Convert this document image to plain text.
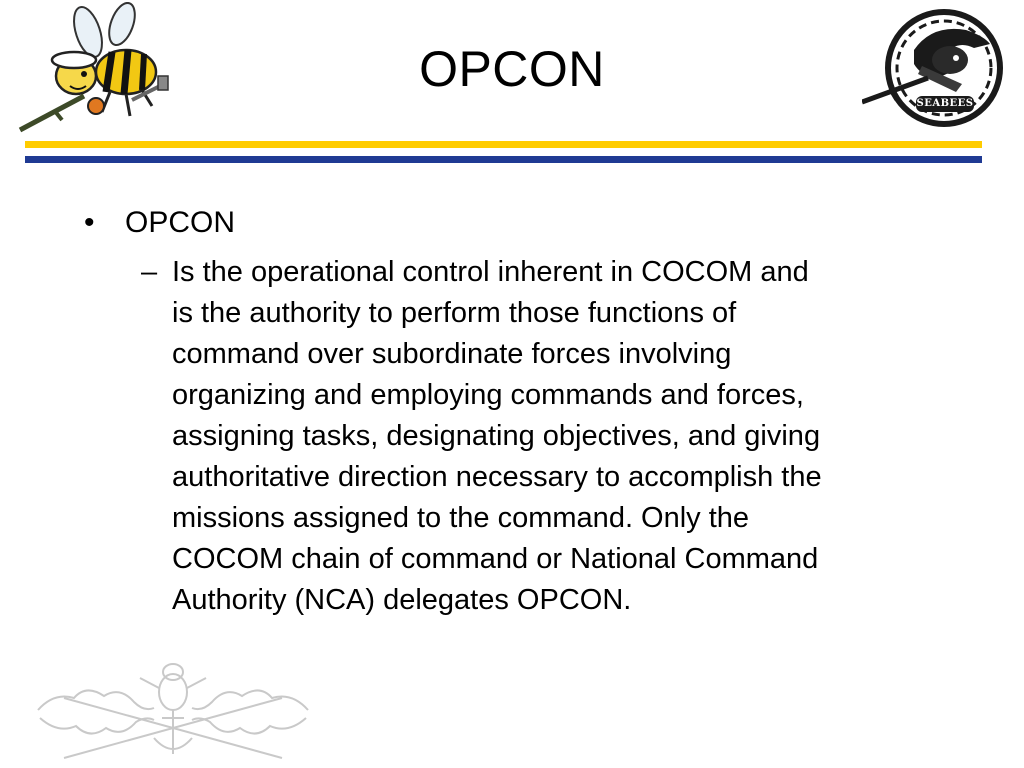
SEABEES
OPCON
• OPCON
– Is the operational control inherent in COCOM and
is the authority to perform those functions of
command over subordinate forces involving
organizing and employing commands and forces,
assigning tasks, designating objectives, and giving
authoritative direction necessary to accomplish the
missions assigned to the command. Only the
COCOM chain of command or National Command
Authority (NCA) delegates OPCON.
